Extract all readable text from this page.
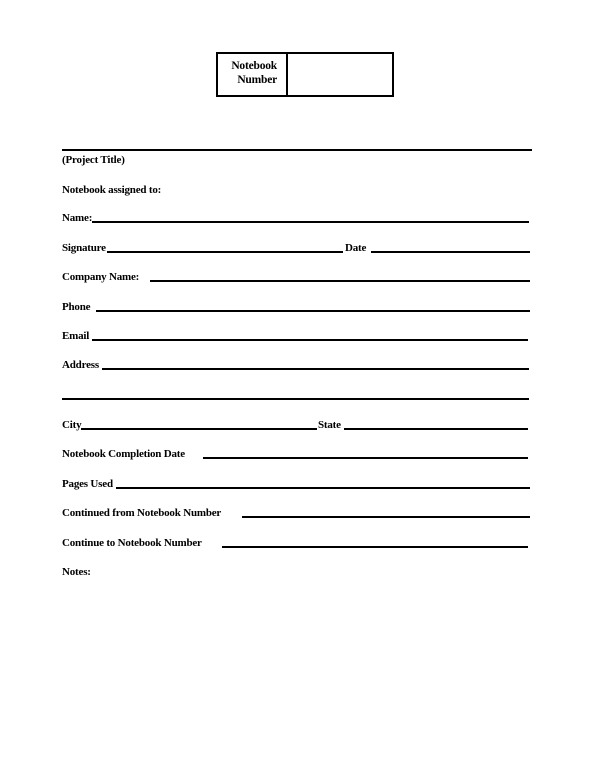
Notebook
Number
(Project Title)
Notebook assigned to:
Name:
Signature	Date
Company Name:
Phone
Email
Address
City	State
Notebook Completion Date
Pages Used
Continued from Notebook Number
Continue to Notebook Number
Notes:
